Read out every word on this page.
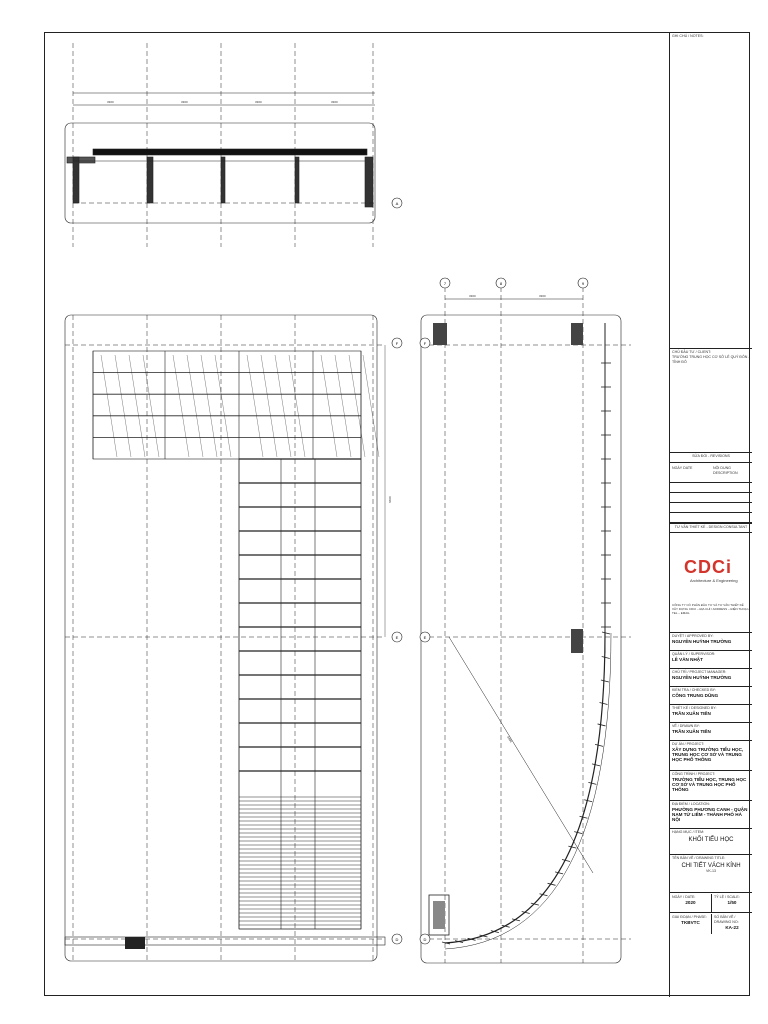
3300	3300	3300	3300
6600
3300	3300
8400
F
E
D
7	8	9
F
E
D
A
GHI CHÚ / NOTES:
CHỦ ĐẦU TƯ / CLIENT:
TRƯỜNG TRUNG HỌC CƠ SỞ LÊ QUÝ ĐÔN - TỈNH ĐÔ
SỬA ĐỔI - REVISIONS
NGÀY DATE	NỘI DUNG DESCRIPTION
TƯ VẤN THIẾT KẾ - DESIGN CONSULTANT
CDCi
Architecture & Engineering
CÔNG TY CỔ PHẦN ĐẦU TƯ VÀ TƯ VẤN THIẾT KẾ XÂY DỰNG CDCI – ĐỊA CHỈ / ADDRESS – ĐIỆN THOẠI / TEL – EMAIL
DUYỆT / APPROVED BY:
NGUYỄN HUỲNH TRƯỜNG
QUẢN LÝ / SUPERVISOR:
LÊ VĂN NHẬT
CHỦ TRÌ / PROJECT MANAGER:
NGUYỄN HUỲNH TRƯỜNG
KIỂM TRA / CHECKED BY:
CÔNG TRUNG DŨNG
THIẾT KẾ / DESIGNED BY:
TRẦN XUÂN TIẾN
VẼ / DRAWN BY:
TRẦN XUÂN TIẾN
DỰ ÁN / PROJECT:
XÂY DỰNG TRƯỜNG TIỂU HỌC, TRUNG HỌC CƠ SỞ VÀ TRUNG HỌC PHỔ THÔNG
CÔNG TRÌNH / PROJECT:
TRƯỜNG TIỂU HỌC, TRUNG HỌC CƠ SỞ VÀ TRUNG HỌC PHỔ THÔNG
ĐỊA ĐIỂM / LOCATION:
PHƯỜNG PHƯƠNG CANH - QUẬN NAM TỪ LIÊM - THÀNH PHỐ HÀ NỘI
HẠNG MỤC / ITEM:
KHỐI TIỂU HỌC
TÊN BẢN VẼ / DRAWING TITLE:
CHI TIẾT VÁCH KÍNH
VK-13
NGÀY / DATE:
2020
TỶ LỆ / SCALE:
1/50
GIAI ĐOẠN / PHASE:
TKBVTC
SỐ BẢN VẼ / DRAWING NO:
KA-22
